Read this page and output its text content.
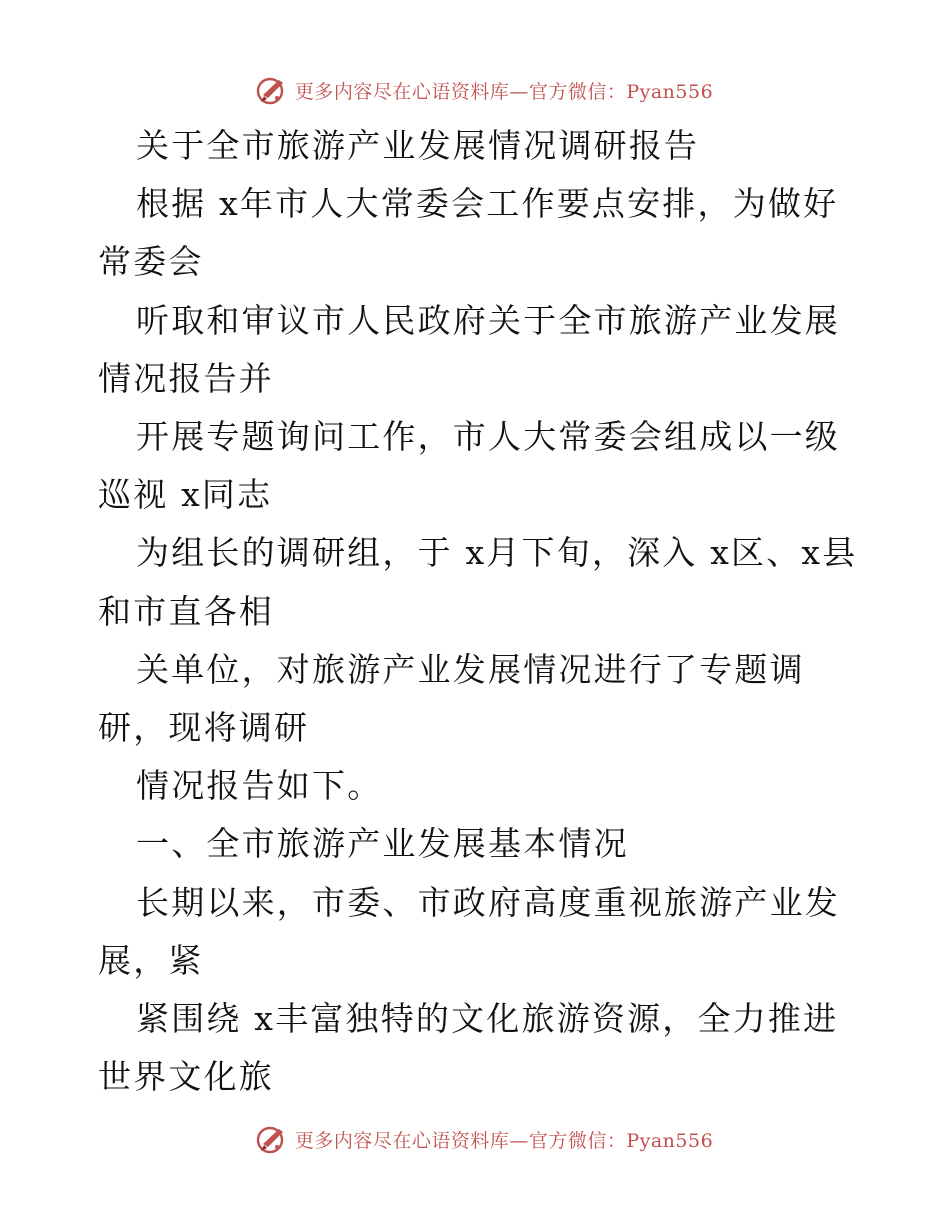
更多内容尽在心语资料库—官方微信：Pyan556

关于全市旅游产业发展情况调研报告

根据 x年市人大常委会工作要点安排，为做好常委会

听取和审议市人民政府关于全市旅游产业发展情况报告并

开展专题询问工作，市人大常委会组成以一级巡视 x同志

为组长的调研组，于 x月下旬，深入 x区、x县和市直各相

关单位，对旅游产业发展情况进行了专题调研，现将调研

情况报告如下。

一、全市旅游产业发展基本情况

长期以来，市委、市政府高度重视旅游产业发展，紧

紧围绕 x丰富独特的文化旅游资源，全力推进世界文化旅

更多内容尽在心语资料库—官方微信：Pyan556
